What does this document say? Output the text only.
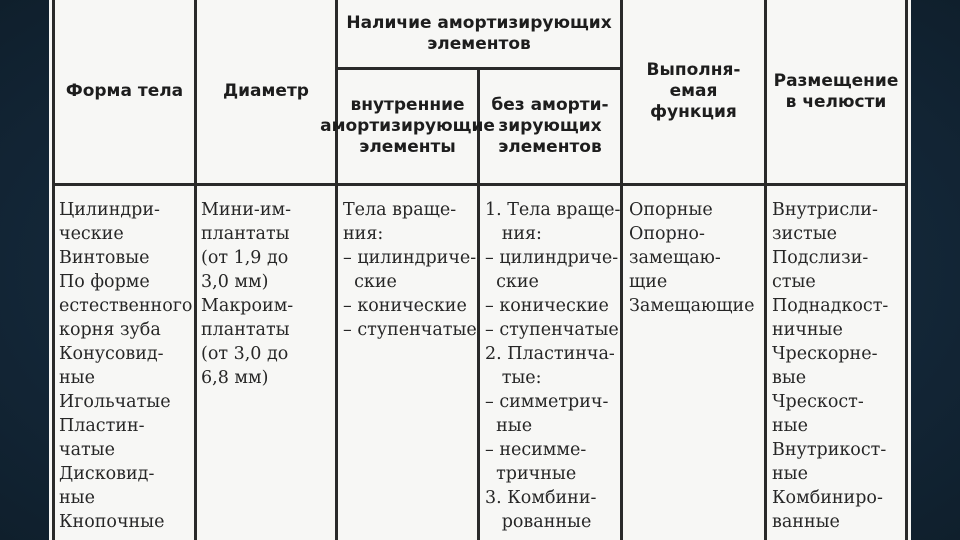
Форма тела Диаметр
Наличие амортизирующих
элементов
внутренние
амортизирующие
элементы
без аморти-
зирующих
элементов
Выполня-
емая
функция
Размещение
в челюсти
Цилиндри-
ческие
Винтовые
По форме
естественного
корня зуба
Конусовид-
ные
Игольчатые
Пластин-
чатые
Дисковид-
ные
Кнопочные
Мини-им-
плантаты
(от 1,9 до
3,0 мм)
Макроим-
плантаты
(от 3,0 до
6,8 мм)
Тела враще-
ния:
– цилиндриче-
ские
– конические
– ступенчатые
1. Тела враще-
ния:
– цилиндриче-
ские
– конические
– ступенчатые
2. Пластинча-
тые:
– симметрич-
ные
– несимме-
тричные
3. Комбини-
рованные
Опорные
Опорно-
замещаю-
щие
Замещающие
Внутрисли-
зистые
Подслизи-
стые
Поднадкост-
ничные
Чрескорне-
вые
Чрескост-
ные
Внутрикост-
ные
Комбиниро-
ванные
